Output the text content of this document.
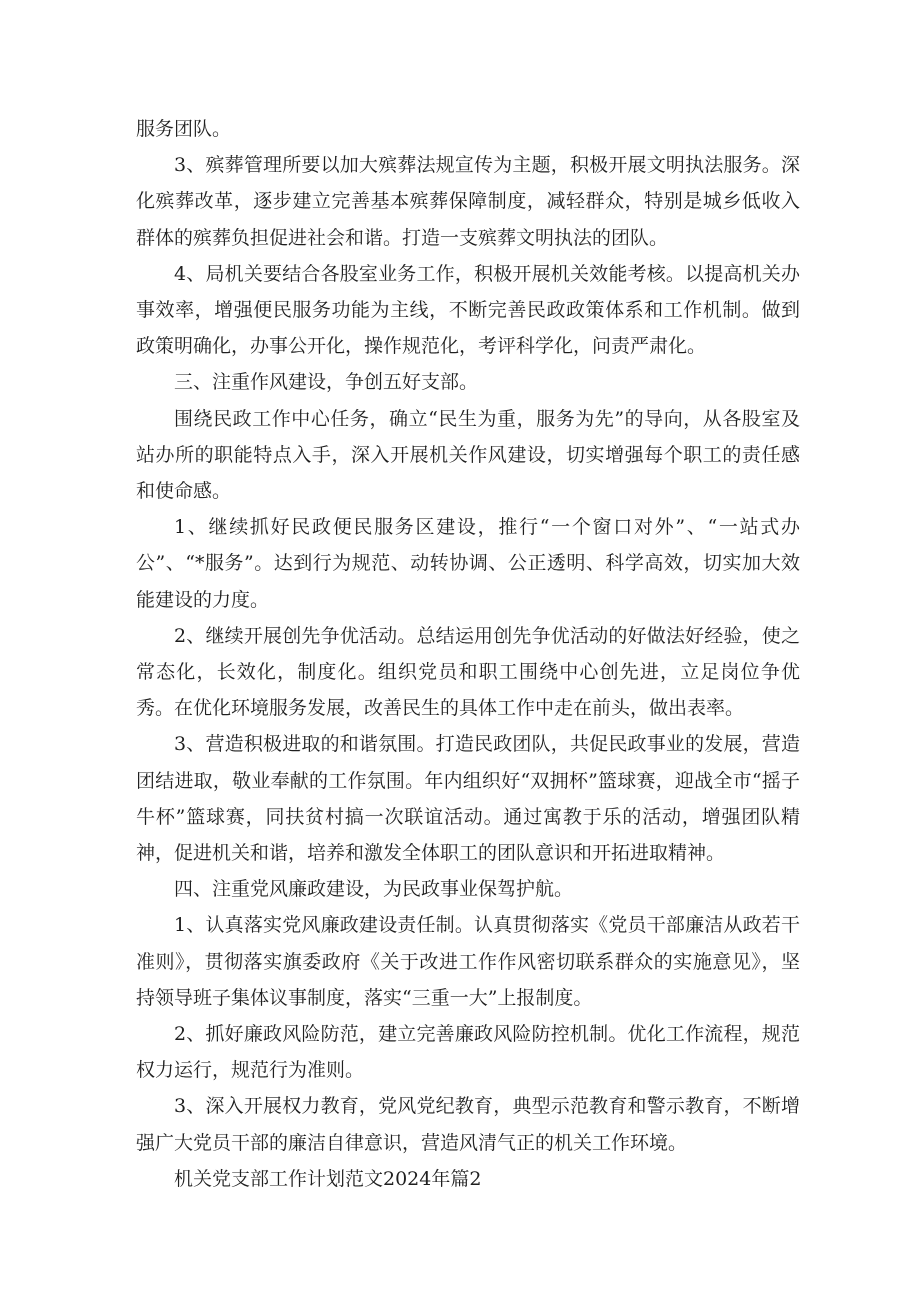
服务团队。

3、殡葬管理所要以加大殡葬法规宣传为主题，积极开展文明执法服务。深化殡葬改革，逐步建立完善基本殡葬保障制度，减轻群众，特别是城乡低收入群体的殡葬负担促进社会和谐。打造一支殡葬文明执法的团队。

4、局机关要结合各股室业务工作，积极开展机关效能考核。以提高机关办事效率，增强便民服务功能为主线，不断完善民政政策体系和工作机制。做到政策明确化，办事公开化，操作规范化，考评科学化，问责严肃化。

三、注重作风建设，争创五好支部。

围绕民政工作中心任务，确立“民生为重，服务为先”的导向，从各股室及站办所的职能特点入手，深入开展机关作风建设，切实增强每个职工的责任感和使命感。

1、继续抓好民政便民服务区建设，推行“一个窗口对外”、“一站式办公”、“*服务”。达到行为规范、动转协调、公正透明、科学高效，切实加大效能建设的力度。

2、继续开展创先争优活动。总结运用创先争优活动的好做法好经验，使之常态化，长效化，制度化。组织党员和职工围绕中心创先进，立足岗位争优秀。在优化环境服务发展，改善民生的具体工作中走在前头，做出表率。

3、营造积极进取的和谐氛围。打造民政团队，共促民政事业的发展，营造团结进取，敬业奉献的工作氛围。年内组织好“双拥杯”篮球赛，迎战全市“摇子牛杯”篮球赛，同扶贫村搞一次联谊活动。通过寓教于乐的活动，增强团队精神，促进机关和谐，培养和激发全体职工的团队意识和开拓进取精神。

四、注重党风廉政建设，为民政事业保驾护航。

1、认真落实党风廉政建设责任制。认真贯彻落实《党员干部廉洁从政若干准则》，贯彻落实旗委政府《关于改进工作作风密切联系群众的实施意见》，坚持领导班子集体议事制度，落实“三重一大”上报制度。

2、抓好廉政风险防范，建立完善廉政风险防控机制。优化工作流程，规范权力运行，规范行为准则。

3、深入开展权力教育，党风党纪教育，典型示范教育和警示教育，不断增强广大党员干部的廉洁自律意识，营造风清气正的机关工作环境。

机关党支部工作计划范文2024年篇2
